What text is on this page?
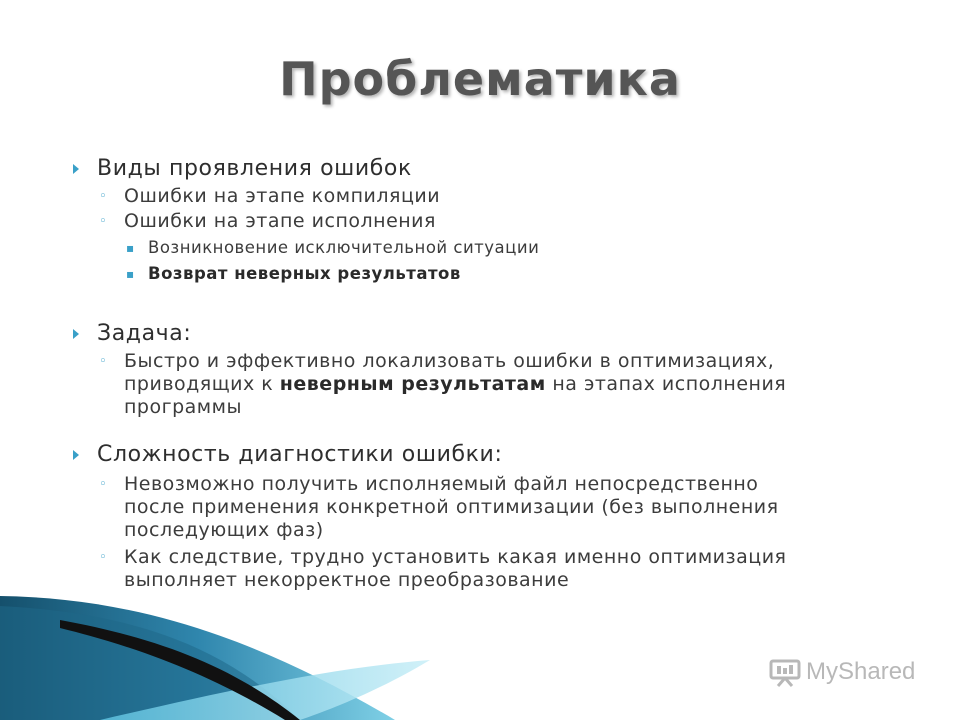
Проблематика
Виды проявления ошибок
◦ Ошибки на этапе компиляции
◦ Ошибки на этапе исполнения
▪ Возникновение исключительной ситуации
▪ Возврат неверных результатов
Задача:
◦ Быстро и эффективно локализовать ошибки в оптимизациях,
приводящих к неверным результатам на этапах исполнения
программы
Сложность диагностики ошибки:
◦ Невозможно получить исполняемый файл непосредственно
после применения конкретной оптимизации (без выполнения
последующих фаз)
◦ Как следствие, трудно установить какая именно оптимизация
выполняет некорректное преобразование
MyShared
